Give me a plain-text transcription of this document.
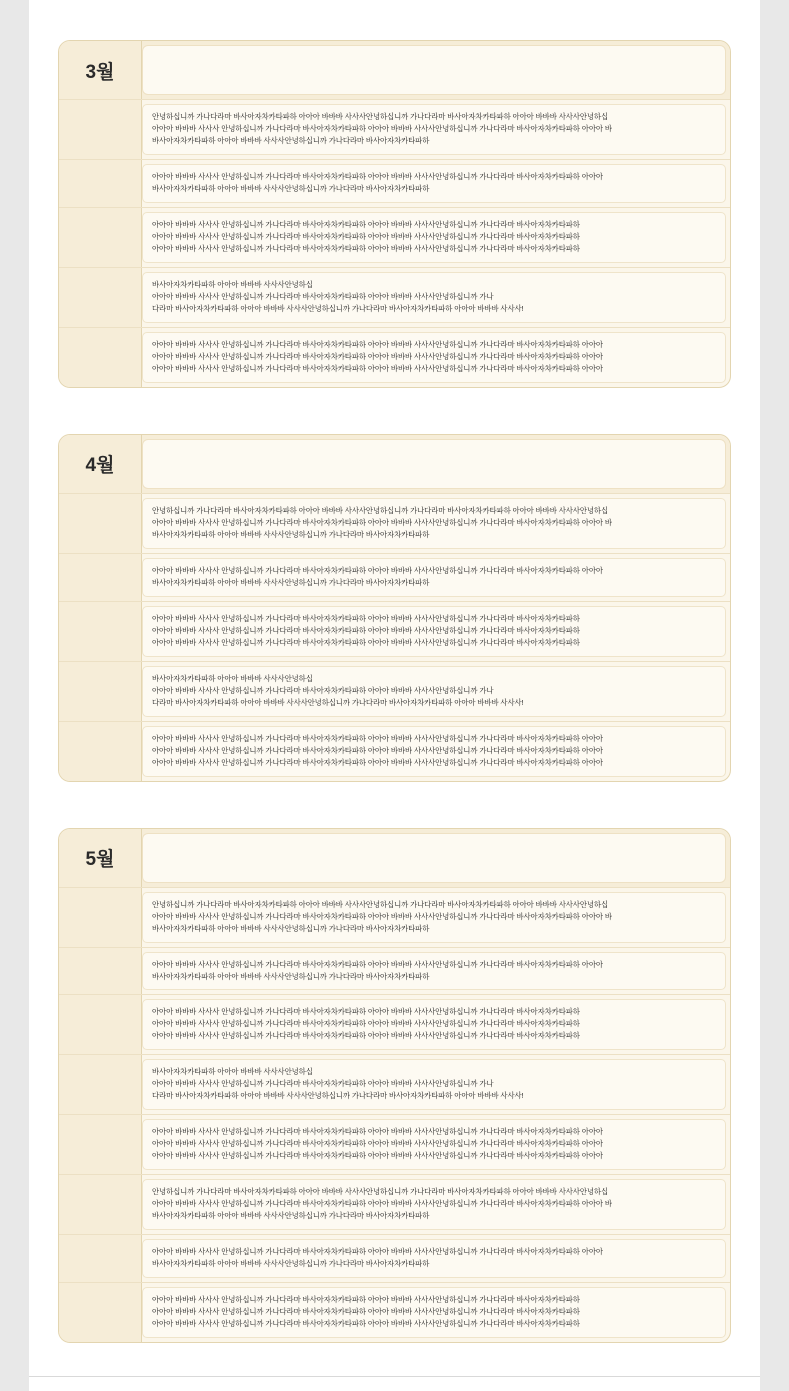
3월

안녕하십니까 가나다라마 바사아자차카타파하 아아아 바바바 사사사안녕하십니까 가나다라마 바사아자차카타파하 아아아 바바바 사사사안녕하십

아아아 바바바 사사사 안녕하십니까 가나다라마 바사아자차카타파하 아아아 바바바 사사사안녕하십니까 가나다라마 바사아자차카타파하 아아아 바

바사아자차카타파하 아아아 바바바 사사사안녕하십니까 가나다라마 바사아자차카타파하

아아아 바바바 사사사 안녕하십니까 가나다라마 바사아자차카타파하 아아아 바바바 사사사안녕하십니까 가나다라마 바사아자차카타파하 아아아

바사아자차카타파하 아아아 바바바 사사사안녕하십니까 가나다라마 바사아자차카타파하

아아아 바바바 사사사 안녕하십니까 가나다라마 바사아자차카타파하 아아아 바바바 사사사안녕하십니까 가나다라마 바사아자차카타파하

아아아 바바바 사사사 안녕하십니까 가나다라마 바사아자차카타파하 아아아 바바바 사사사안녕하십니까 가나다라마 바사아자차카타파하

아아아 바바바 사사사 안녕하십니까 가나다라마 바사아자차카타파하 아아아 바바바 사사사안녕하십니까 가나다라마 바사아자차카타파하

바사아자차카타파하 아아아 바바바 사사사안녕하십

아아아 바바바 사사사 안녕하십니까 가나다라마 바사아자차카타파하 아아아 바바바 사사사안녕하십니까 가나

다라마 바사아자차카타파하 아아아 바바바 사사사안녕하십니까 가나다라마 바사아자차카타파하 아아아 바바바 사사사!

아아아 바바바 사사사 안녕하십니까 가나다라마 바사아자차카타파하 아아아 바바바 사사사안녕하십니까 가나다라마 바사아자차카타파하 아아아

아아아 바바바 사사사 안녕하십니까 가나다라마 바사아자차카타파하 아아아 바바바 사사사안녕하십니까 가나다라마 바사아자차카타파하 아아아

아아아 바바바 사사사 안녕하십니까 가나다라마 바사아자차카타파하 아아아 바바바 사사사안녕하십니까 가나다라마 바사아자차카타파하 아아아

4월

안녕하십니까 가나다라마 바사아자차카타파하 아아아 바바바 사사사안녕하십니까 가나다라마 바사아자차카타파하 아아아 바바바 사사사안녕하십

아아아 바바바 사사사 안녕하십니까 가나다라마 바사아자차카타파하 아아아 바바바 사사사안녕하십니까 가나다라마 바사아자차카타파하 아아아 바

바사아자차카타파하 아아아 바바바 사사사안녕하십니까 가나다라마 바사아자차카타파하

아아아 바바바 사사사 안녕하십니까 가나다라마 바사아자차카타파하 아아아 바바바 사사사안녕하십니까 가나다라마 바사아자차카타파하 아아아

바사아자차카타파하 아아아 바바바 사사사안녕하십니까 가나다라마 바사아자차카타파하

아아아 바바바 사사사 안녕하십니까 가나다라마 바사아자차카타파하 아아아 바바바 사사사안녕하십니까 가나다라마 바사아자차카타파하

아아아 바바바 사사사 안녕하십니까 가나다라마 바사아자차카타파하 아아아 바바바 사사사안녕하십니까 가나다라마 바사아자차카타파하

아아아 바바바 사사사 안녕하십니까 가나다라마 바사아자차카타파하 아아아 바바바 사사사안녕하십니까 가나다라마 바사아자차카타파하

바사아자차카타파하 아아아 바바바 사사사안녕하십

아아아 바바바 사사사 안녕하십니까 가나다라마 바사아자차카타파하 아아아 바바바 사사사안녕하십니까 가나

다라마 바사아자차카타파하 아아아 바바바 사사사안녕하십니까 가나다라마 바사아자차카타파하 아아아 바바바 사사사!

아아아 바바바 사사사 안녕하십니까 가나다라마 바사아자차카타파하 아아아 바바바 사사사안녕하십니까 가나다라마 바사아자차카타파하 아아아

아아아 바바바 사사사 안녕하십니까 가나다라마 바사아자차카타파하 아아아 바바바 사사사안녕하십니까 가나다라마 바사아자차카타파하 아아아

아아아 바바바 사사사 안녕하십니까 가나다라마 바사아자차카타파하 아아아 바바바 사사사안녕하십니까 가나다라마 바사아자차카타파하 아아아

5월

안녕하십니까 가나다라마 바사아자차카타파하 아아아 바바바 사사사안녕하십니까 가나다라마 바사아자차카타파하 아아아 바바바 사사사안녕하십

아아아 바바바 사사사 안녕하십니까 가나다라마 바사아자차카타파하 아아아 바바바 사사사안녕하십니까 가나다라마 바사아자차카타파하 아아아 바

바사아자차카타파하 아아아 바바바 사사사안녕하십니까 가나다라마 바사아자차카타파하

아아아 바바바 사사사 안녕하십니까 가나다라마 바사아자차카타파하 아아아 바바바 사사사안녕하십니까 가나다라마 바사아자차카타파하 아아아

바사아자차카타파하 아아아 바바바 사사사안녕하십니까 가나다라마 바사아자차카타파하

아아아 바바바 사사사 안녕하십니까 가나다라마 바사아자차카타파하 아아아 바바바 사사사안녕하십니까 가나다라마 바사아자차카타파하

아아아 바바바 사사사 안녕하십니까 가나다라마 바사아자차카타파하 아아아 바바바 사사사안녕하십니까 가나다라마 바사아자차카타파하

아아아 바바바 사사사 안녕하십니까 가나다라마 바사아자차카타파하 아아아 바바바 사사사안녕하십니까 가나다라마 바사아자차카타파하

바사아자차카타파하 아아아 바바바 사사사안녕하십

아아아 바바바 사사사 안녕하십니까 가나다라마 바사아자차카타파하 아아아 바바바 사사사안녕하십니까 가나

다라마 바사아자차카타파하 아아아 바바바 사사사안녕하십니까 가나다라마 바사아자차카타파하 아아아 바바바 사사사!

아아아 바바바 사사사 안녕하십니까 가나다라마 바사아자차카타파하 아아아 바바바 사사사안녕하십니까 가나다라마 바사아자차카타파하 아아아

아아아 바바바 사사사 안녕하십니까 가나다라마 바사아자차카타파하 아아아 바바바 사사사안녕하십니까 가나다라마 바사아자차카타파하 아아아

아아아 바바바 사사사 안녕하십니까 가나다라마 바사아자차카타파하 아아아 바바바 사사사안녕하십니까 가나다라마 바사아자차카타파하 아아아

안녕하십니까 가나다라마 바사아자차카타파하 아아아 바바바 사사사안녕하십니까 가나다라마 바사아자차카타파하 아아아 바바바 사사사안녕하십

아아아 바바바 사사사 안녕하십니까 가나다라마 바사아자차카타파하 아아아 바바바 사사사안녕하십니까 가나다라마 바사아자차카타파하 아아아 바

바사아자차카타파하 아아아 바바바 사사사안녕하십니까 가나다라마 바사아자차카타파하

아아아 바바바 사사사 안녕하십니까 가나다라마 바사아자차카타파하 아아아 바바바 사사사안녕하십니까 가나다라마 바사아자차카타파하 아아아

바사아자차카타파하 아아아 바바바 사사사안녕하십니까 가나다라마 바사아자차카타파하

아아아 바바바 사사사 안녕하십니까 가나다라마 바사아자차카타파하 아아아 바바바 사사사안녕하십니까 가나다라마 바사아자차카타파하

아아아 바바바 사사사 안녕하십니까 가나다라마 바사아자차카타파하 아아아 바바바 사사사안녕하십니까 가나다라마 바사아자차카타파하

아아아 바바바 사사사 안녕하십니까 가나다라마 바사아자차카타파하 아아아 바바바 사사사안녕하십니까 가나다라마 바사아자차카타파하
